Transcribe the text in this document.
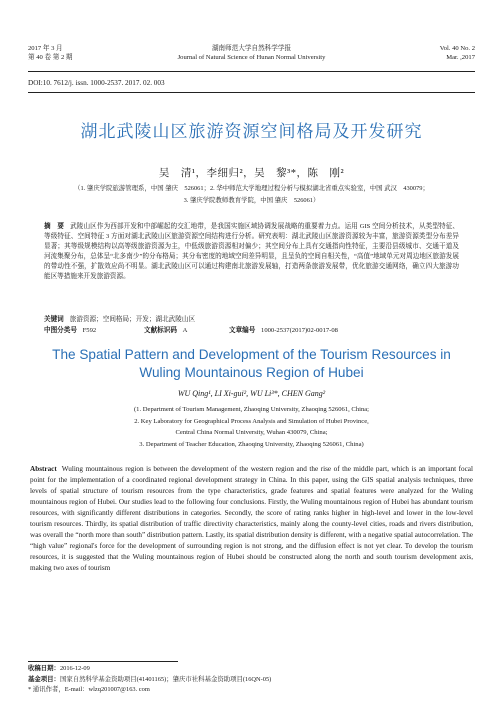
2017 年 3 月
第 40 卷 第 2 期
湖南师范大学自然科学学报
Journal of Natural Science of Hunan Normal University
Vol. 40 No. 2
Mar. ,2017
DOI:10. 7612/j. issn. 1000-2537. 2017. 02. 003
湖北武陵山区旅游资源空间格局及开发研究
吴　清¹，李细归²，吴　黎³*，陈　刚²
（1. 肇庆学院旅游管理系，中国 肇庆　526061；2. 华中师范大学地理过程分析与模拟湖北省重点实验室，中国 武汉　430079；
3. 肇庆学院教师教育学院，中国 肇庆　526061）
摘　要 武陵山区作为西部开发和中部崛起的交汇地带，是我国实施区域协调发展战略的重要着力点。运用 GIS 空间分析技术，从类型特征、等级特征、空间特征 3 方面对湖北武陵山区旅游资源空间结构进行分析。研究表明：湖北武陵山区旅游资源较为丰富，旅游资源类型分布差异显著；其等级规模结构以高等级旅游资源为主，中低级旅游资源相对偏少；其空间分布上具有交通指向性特征，主要沿县级城市、交通干道及河流集聚分布，总体呈“北多南少”的分布格局；其分布密度的地域空间差异明显，且呈负的空间自相关性，“高值”地域单元对周边地区旅游发展的带动性不强，扩散效应尚不明显。湖北武陵山区可以通过构建南北旅游发展轴，打造两条旅游发展带，优化旅游交通网络，确立四大旅游功能区等措施来开发旅游资源。
关键词 旅游资源；空间格局；开发；湖北武陵山区
中图分类号 F592	文献标识码 A	文章编号 1000-2537(2017)02-0017-08
The Spatial Pattern and Development of the Tourism Resources in
Wuling Mountainous Region of Hubei
WU Qing¹, LI Xi-gui², WU Li³*, CHEN Gang²
(1. Department of Tourism Management, Zhaoqing University, Zhaoqing 526061, China;
2. Key Laboratory for Geographical Process Analysis and Simulation of Hubei Province,
Central China Normal University, Wuhan 430079, China;
3. Department of Teacher Education, Zhaoqing University, Zhaoqing 526061, China)
Abstract Wuling mountainous region is between the development of the western region and the rise of the middle part, which is an important focal point for the implementation of a coordinated regional development strategy in China. In this paper, using the GIS spatial analysis techniques, three levels of spatial structure of tourism resources from the type characteristics, grade features and spatial features were analyzed for the Wuling mountainous region of Hubei. Our studies lead to the following four conclusions. Firstly, the Wuling mountainous region of Hubei has abundant tourism resources, with significantly different distributions in categories. Secondly, the score of rating ranks higher in high-level and lower in the low-level tourism resources. Thirdly, its spatial distribution of traffic directivity characteristics, mainly along the county-level cities, roads and rivers distribution, was overall the “north more than south” distribution pattern. Lastly, its spatial distribution density is different, with a negative spatial autocorrelation. The “high value” regional's force for the development of surrounding region is not strong, and the diffusion effect is not yet clear. To develop the tourism resources, it is suggested that the Wuling mountainous region of Hubei should be constructed along the north and south tourism development axis, making two axes of tourism
收稿日期：2016-12-09
基金项目：国家自然科学基金资助项目(41401165)；肇庆市社科基金资助项目(16QN-05)
* 通讯作者，E-mail：wlzq201007@163. com
